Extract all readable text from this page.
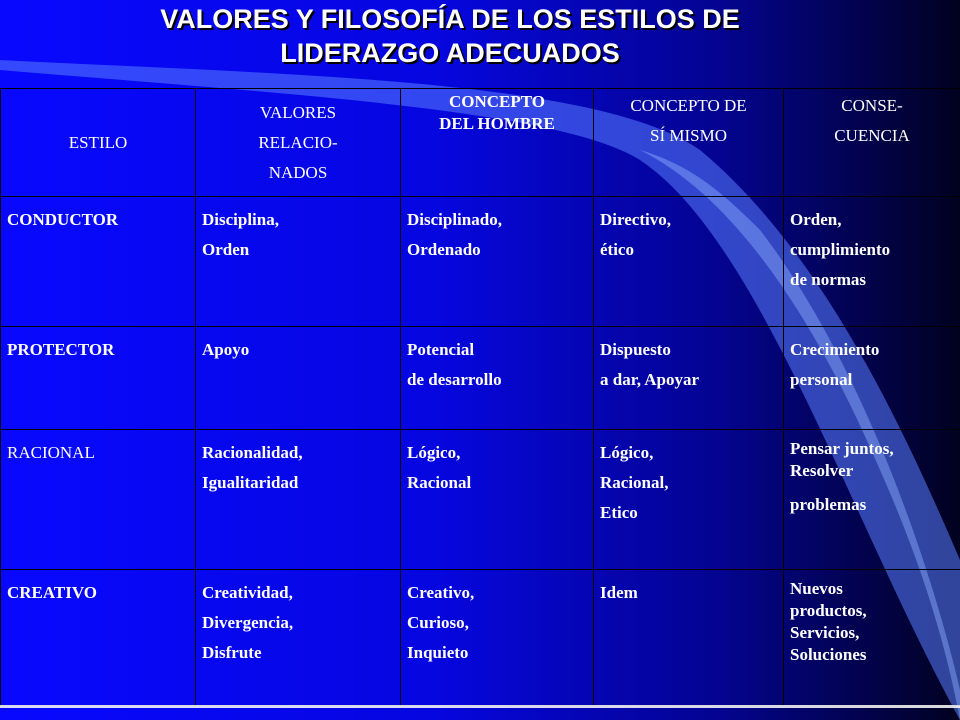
VALORES Y FILOSOFÍA DE LOS ESTILOS DE
LIDERAZGO ADECUADOS
ESTILO	VALORES
RELACIO-
NADOS	CONCEPTO
DEL HOMBRE	CONCEPTO DE
SÍ MISMO	CONSE-
CUENCIA

CONDUCTOR	Disciplina,
Orden	Disciplinado,
Ordenado	Directivo,
ético	Orden,
cumplimiento
de normas

PROTECTOR	Apoyo	Potencial
de desarrollo	Dispuesto
a dar, Apoyar	Crecimiento
personal

RACIONAL	Racionalidad,
Igualitaridad	Lógico,
Racional	Lógico,
Racional,
Etico	Pensar juntos,
Resolver
problemas

CREATIVO	Creatividad,
Divergencia,
Disfrute	Creativo,
Curioso,
Inquieto	Idem	Nuevos
productos,
Servicios,
Soluciones
